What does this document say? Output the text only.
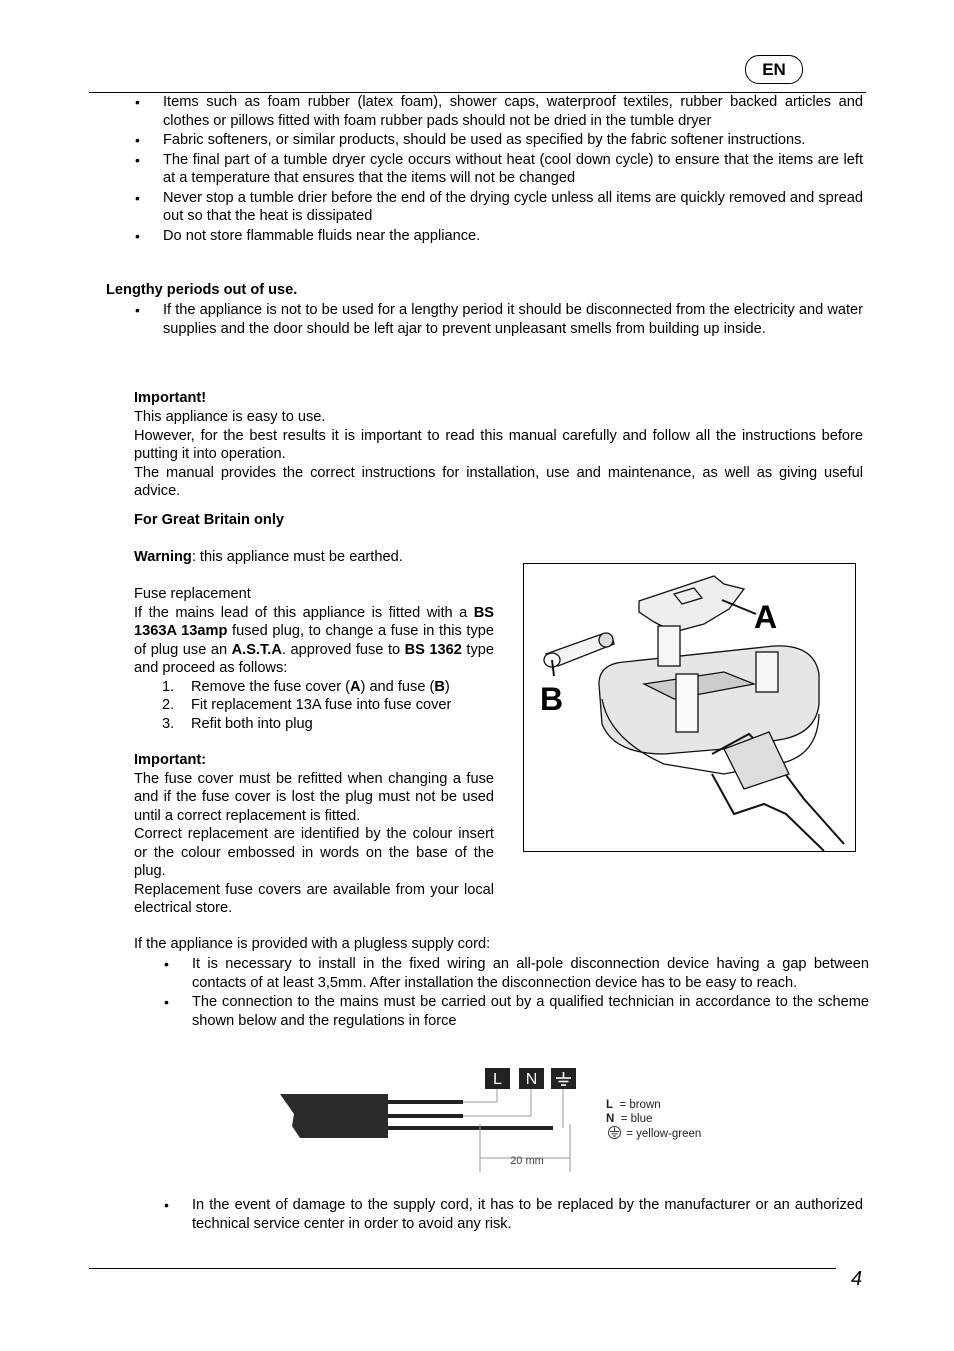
EN
• Items such as foam rubber (latex foam), shower caps, waterproof textiles, rubber backed articles and clothes or pillows fitted with foam rubber pads should not be dried in the tumble dryer
• Fabric softeners, or similar products, should be used as specified by the fabric softener instructions.
• The final part of a tumble dryer cycle occurs without heat (cool down cycle) to ensure that the items are left at a temperature that ensures that the items will not be changed
• Never stop a tumble drier before the end of the drying cycle unless all items are quickly removed and spread out so that the heat is dissipated
• Do not store flammable fluids near the appliance.
Lengthy periods out of use.
• If the appliance is not to be used for a lengthy period it should be disconnected from the electricity and water supplies and the door should be left ajar to prevent unpleasant smells from building up inside.
Important!

This appliance is easy to use.

However, for the best results it is important to read this manual carefully and follow all the instructions before putting it into operation.

The manual provides the correct instructions for installation, use and maintenance, as well as giving useful advice.

For Great Britain only
Warning: this appliance must be earthed.

Fuse replacement

If the mains lead of this appliance is fitted with a BS 1363A 13amp fused plug, to change a fuse in this type of plug use an A.S.T.A. approved fuse to BS 1362 type and proceed as follows:

1. Remove the fuse cover (A) and fuse (B)
2. Fit replacement 13A fuse into fuse cover
3. Refit both into plug

Important:

The fuse cover must be refitted when changing a fuse and if the fuse cover is lost the plug must not be used until a correct replacement is fitted.

Correct replacement are identified by the colour insert or the colour embossed in words on the base of the plug.

Replacement fuse covers are available from your local electrical store.

A
B
If the appliance is provided with a plugless supply cord:
• It is necessary to install in the fixed wiring an all-pole disconnection device having a gap between contacts of at least 3,5mm. After installation the disconnection device has to be easy to reach.
• The connection to the mains must be carried out by a qualified technician in accordance to the scheme shown below and the regulations in force
L N
20 mm
L = brown
N = blue
= yellow-green
• In the event of damage to the supply cord, it has to be replaced by the manufacturer or an authorized technical service center in order to avoid any risk.
4
